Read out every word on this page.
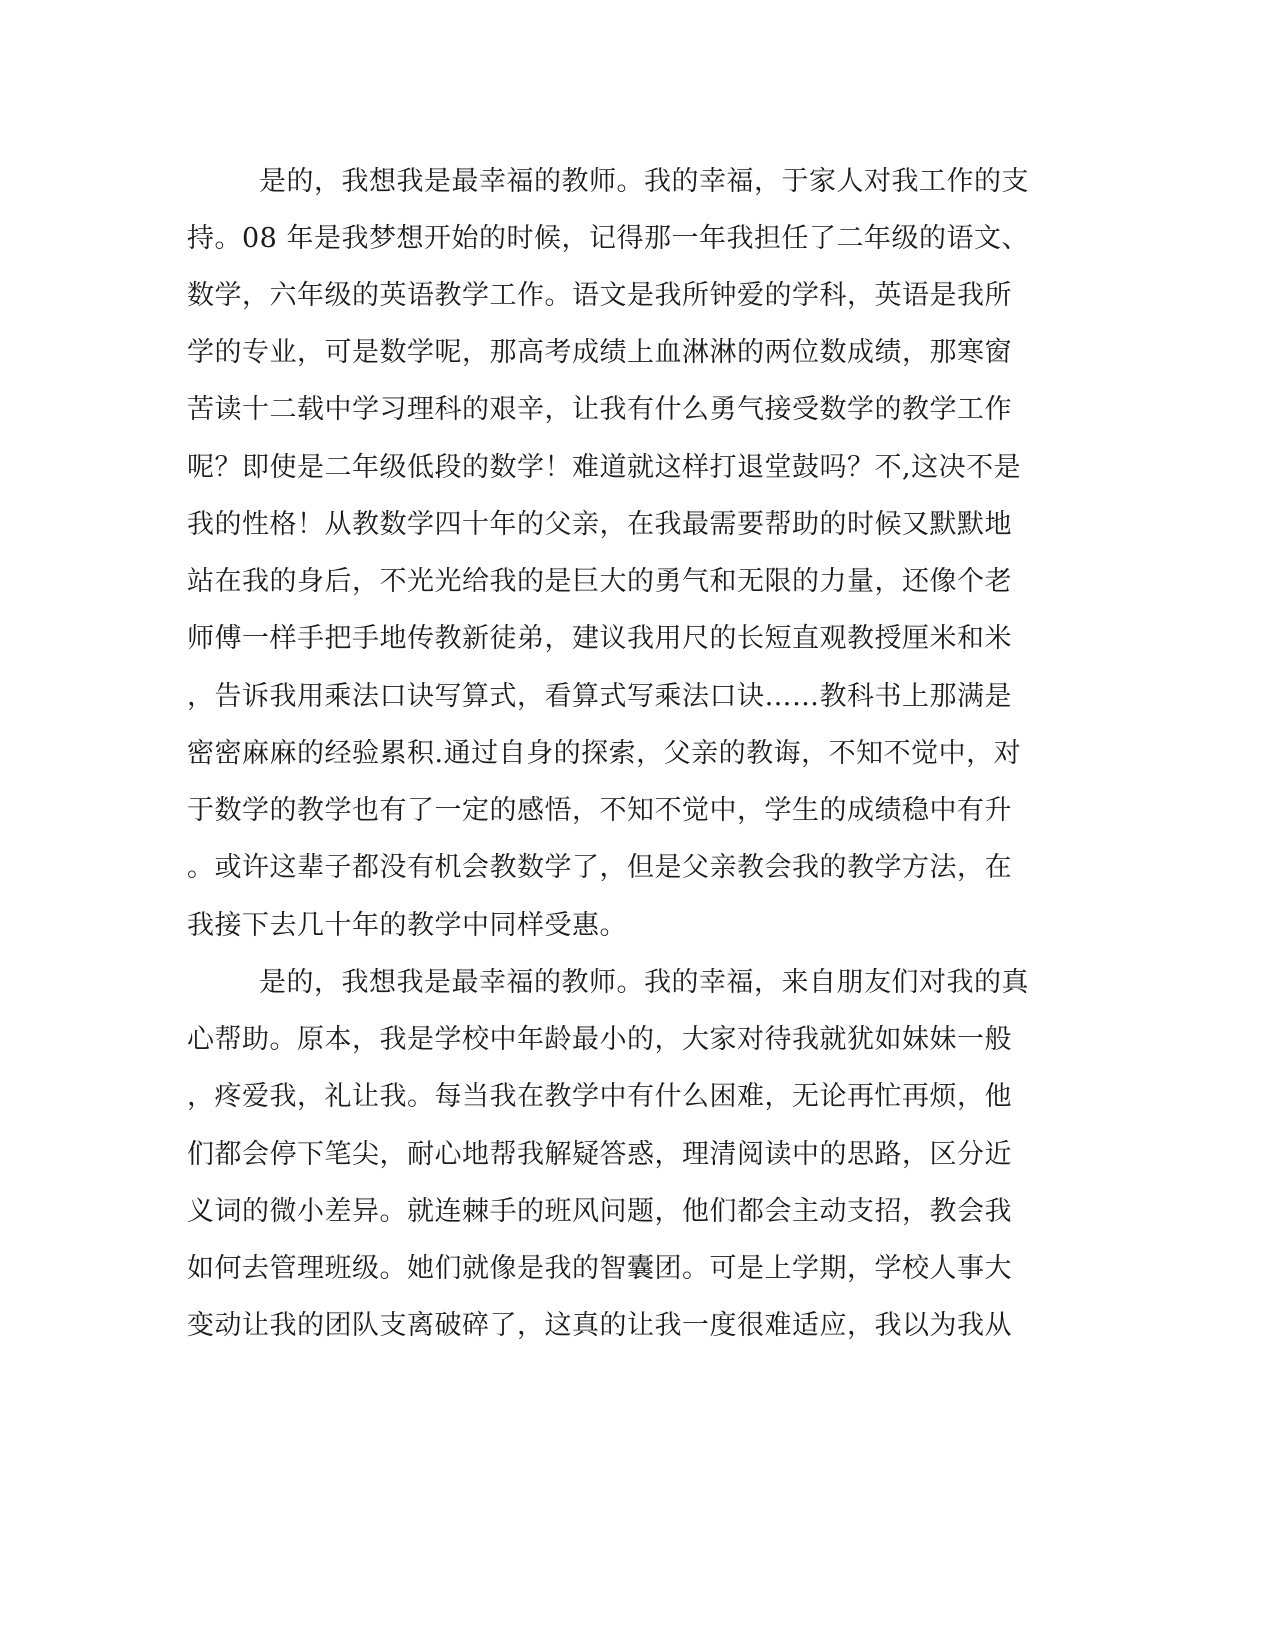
是的，我想我是最幸福的教师。我的幸福，于家人对我工作的支
持。08 年是我梦想开始的时候，记得那一年我担任了二年级的语文、
数学，六年级的英语教学工作。语文是我所钟爱的学科，英语是我所
学的专业，可是数学呢，那高考成绩上血淋淋的两位数成绩，那寒窗
苦读十二载中学习理科的艰辛，让我有什么勇气接受数学的教学工作
呢？即使是二年级低段的数学！难道就这样打退堂鼓吗？不,这决不是
我的性格！从教数学四十年的父亲，在我最需要帮助的时候又默默地
站在我的身后，不光光给我的是巨大的勇气和无限的力量，还像个老
师傅一样手把手地传教新徒弟，建议我用尺的长短直观教授厘米和米
，告诉我用乘法口诀写算式，看算式写乘法口诀……教科书上那满是
密密麻麻的经验累积.通过自身的探索，父亲的教诲，不知不觉中，对
于数学的教学也有了一定的感悟，不知不觉中，学生的成绩稳中有升
。或许这辈子都没有机会教数学了，但是父亲教会我的教学方法，在
我接下去几十年的教学中同样受惠。
是的，我想我是最幸福的教师。我的幸福，来自朋友们对我的真
心帮助。原本，我是学校中年龄最小的，大家对待我就犹如妹妹一般
，疼爱我，礼让我。每当我在教学中有什么困难，无论再忙再烦，他
们都会停下笔尖，耐心地帮我解疑答惑，理清阅读中的思路，区分近
义词的微小差异。就连棘手的班风问题，他们都会主动支招，教会我
如何去管理班级。她们就像是我的智囊团。可是上学期，学校人事大
变动让我的团队支离破碎了，这真的让我一度很难适应，我以为我从
